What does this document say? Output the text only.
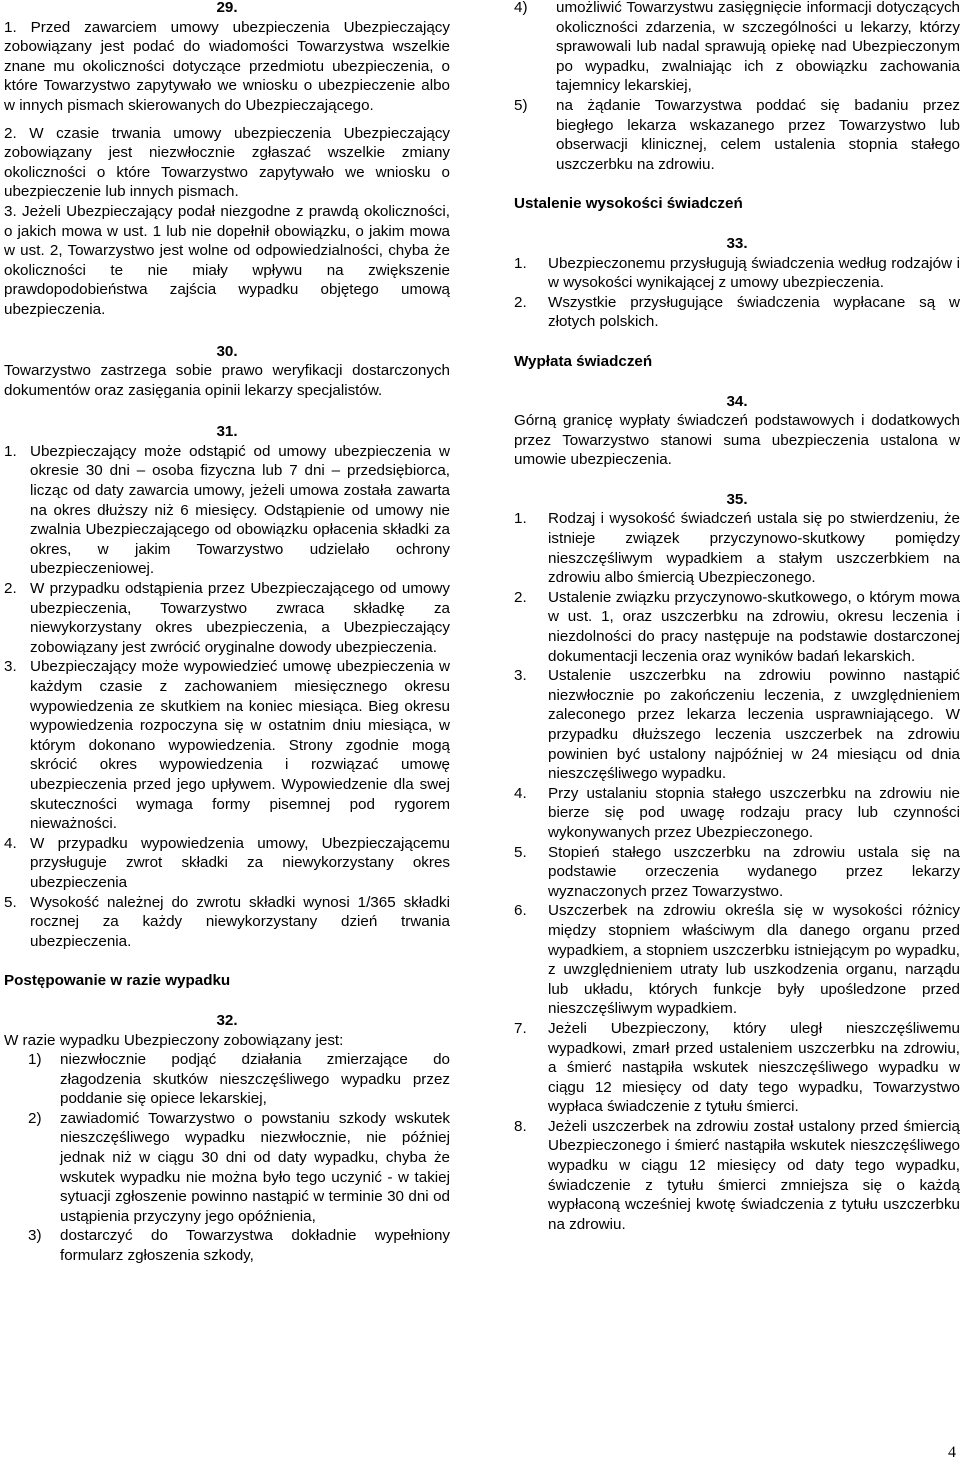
29.

1. Przed zawarciem umowy ubezpieczenia Ubezpieczający zobowiązany jest podać do wiadomości Towarzystwa wszelkie znane mu okoliczności dotyczące przedmiotu ubezpieczenia, o które Towarzystwo zapytywało we wniosku o ubezpieczenie albo w innych pismach skierowanych do Ubezpieczającego.
2. W czasie trwania umowy ubezpieczenia Ubezpieczający zobowiązany jest niezwłocznie zgłaszać wszelkie zmiany okoliczności o które Towarzystwo zapytywało we wniosku o ubezpieczenie lub innych pismach.
3. Jeżeli Ubezpieczający podał niezgodne z prawdą okoliczności, o jakich mowa w ust. 1 lub nie dopełnił obowiązku, o jakim mowa w ust. 2, Towarzystwo jest wolne od odpowiedzialności, chyba że okoliczności te nie miały wpływu na zwiększenie prawdopodobieństwa zajścia wypadku objętego umową ubezpieczenia.

30.

Towarzystwo zastrzega sobie prawo weryfikacji dostarczonych dokumentów oraz zasięgania opinii lekarzy specjalistów.

31.

1. Ubezpieczający może odstąpić od umowy ubezpieczenia w okresie 30 dni – osoba fizyczna lub 7 dni – przedsiębiorca, licząc od daty zawarcia umowy, jeżeli umowa została zawarta na okres dłuższy niż 6 miesięcy. Odstąpienie od umowy nie zwalnia Ubezpieczającego od obowiązku opłacenia składki za okres, w jakim Towarzystwo udzielało ochrony ubezpieczeniowej.
2. W przypadku odstąpienia przez Ubezpieczającego od umowy ubezpieczenia, Towarzystwo zwraca składkę za niewykorzystany okres ubezpieczenia, a Ubezpieczający zobowiązany jest zwrócić oryginalne dowody ubezpieczenia.
3. Ubezpieczający może wypowiedzieć umowę ubezpieczenia w każdym czasie z zachowaniem miesięcznego okresu wypowiedzenia ze skutkiem na koniec miesiąca. Bieg okresu wypowiedzenia rozpoczyna się w ostatnim dniu miesiąca, w którym dokonano wypowiedzenia. Strony zgodnie mogą skrócić okres wypowiedzenia i rozwiązać umowę ubezpieczenia przed jego upływem. Wypowiedzenie dla swej skuteczności wymaga formy pisemnej pod rygorem nieważności.
4. W przypadku wypowiedzenia umowy, Ubezpieczającemu przysługuje zwrot składki za niewykorzystany okres ubezpieczenia
5. Wysokość należnej do zwrotu składki wynosi 1/365 składki rocznej za każdy niewykorzystany dzień trwania ubezpieczenia.

Postępowanie w razie wypadku

32.

W razie wypadku Ubezpieczony zobowiązany jest:

1)	niezwłocznie podjąć działania zmierzające do złagodzenia skutków nieszczęśliwego wypadku przez poddanie się opiece lekarskiej,
2)	zawiadomić Towarzystwo o powstaniu szkody wskutek nieszczęśliwego wypadku niezwłocznie, nie później jednak niż w ciągu 30 dni od daty wypadku, chyba że wskutek wypadku nie można było tego uczynić - w takiej sytuacji zgłoszenie powinno nastąpić w terminie 30 dni od ustąpienia przyczyny jego opóźnienia,
3)	dostarczyć do Towarzystwa dokładnie wypełniony formularz zgłoszenia szkody,
4)	umożliwić Towarzystwu zasięgnięcie informacji dotyczących okoliczności zdarzenia, w szczególności u lekarzy, którzy sprawowali lub nadal sprawują opiekę nad Ubezpieczonym po wypadku, zwalniając ich z obowiązku zachowania tajemnicy lekarskiej,
5)	na żądanie Towarzystwa poddać się badaniu przez biegłego lekarza wskazanego przez Towarzystwo lub obserwacji klinicznej, celem ustalenia stopnia stałego uszczerbku na zdrowiu.

Ustalenie wysokości świadczeń

33.

1.	Ubezpieczonemu przysługują świadczenia według rodzajów i w wysokości wynikającej z umowy ubezpieczenia.
2.	Wszystkie przysługujące świadczenia wypłacane są w złotych polskich.

Wypłata świadczeń

34.

Górną granicę wypłaty świadczeń podstawowych i dodatkowych przez Towarzystwo stanowi suma ubezpieczenia ustalona w umowie ubezpieczenia.

35.

1.	Rodzaj i wysokość świadczeń ustala się po stwierdzeniu, że istnieje związek przyczynowo-skutkowy pomiędzy nieszczęśliwym wypadkiem a stałym uszczerbkiem na zdrowiu albo śmiercią Ubezpieczonego.
2.	Ustalenie związku przyczynowo-skutkowego, o którym mowa w ust. 1, oraz uszczerbku na zdrowiu, okresu leczenia i niezdolności do pracy następuje na podstawie dostarczonej dokumentacji leczenia oraz wyników badań lekarskich.
3.	Ustalenie uszczerbku na zdrowiu powinno nastąpić niezwłocznie po zakończeniu leczenia, z uwzględnieniem zaleconego przez lekarza leczenia usprawniającego. W przypadku dłuższego leczenia uszczerbek na zdrowiu powinien być ustalony najpóźniej w 24 miesiącu od dnia nieszczęśliwego wypadku.
4.	Przy ustalaniu stopnia stałego uszczerbku na zdrowiu nie bierze się pod uwagę rodzaju pracy lub czynności wykonywanych przez Ubezpieczonego.
5.	Stopień stałego uszczerbku na zdrowiu ustala się na podstawie orzeczenia wydanego przez lekarzy wyznaczonych przez Towarzystwo.
6.	Uszczerbek na zdrowiu określa się w wysokości różnicy między stopniem właściwym dla danego organu przed wypadkiem, a stopniem uszczerbku istniejącym po wypadku, z uwzględnieniem utraty lub uszkodzenia organu, narządu lub układu, których funkcje były upośledzone przed nieszczęśliwym wypadkiem.
7.	Jeżeli Ubezpieczony, który uległ nieszczęśliwemu wypadkowi, zmarł przed ustaleniem uszczerbku na zdrowiu, a śmierć nastąpiła wskutek nieszczęśliwego wypadku w ciągu 12 miesięcy od daty tego wypadku, Towarzystwo wypłaca świadczenie z tytułu śmierci.
8.	Jeżeli uszczerbek na zdrowiu został ustalony przed śmiercią Ubezpieczonego i śmierć nastąpiła wskutek nieszczęśliwego wypadku w ciągu 12 miesięcy od daty tego wypadku, świadczenie z tytułu śmierci zmniejsza się o każdą wypłaconą wcześniej kwotę świadczenia z tytułu uszczerbku na zdrowiu.
4
